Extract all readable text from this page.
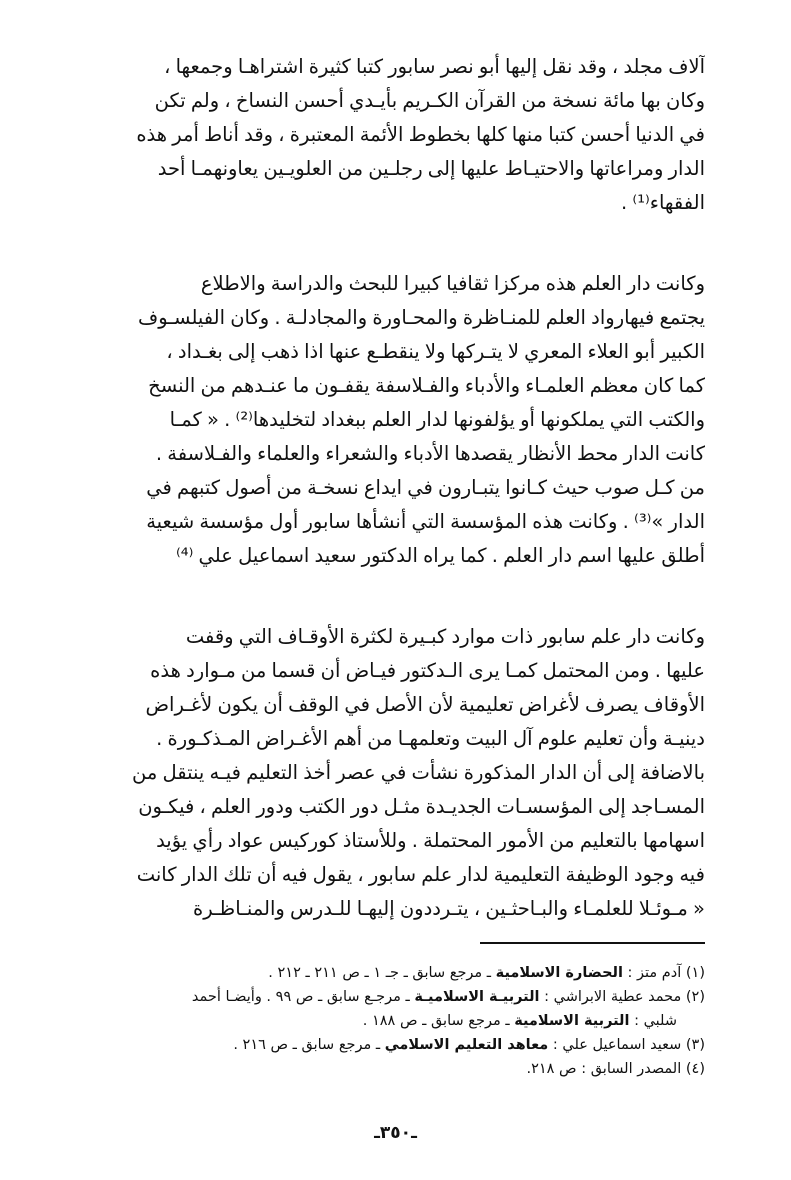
آلاف مجلد ، وقد نقل إليها أبو نصر سابور كتبا كثيرة اشتراهـا وجمعها ،
وكان بها مائة نسخة من القرآن الكـريم بأيـدي أحسن النساخ ، ولم تكن
في الدنيا أحسن كتبا منها كلها بخطوط الأئمة المعتبرة ، وقد أناط أمر هذه
الدار ومراعاتها والاحتيـاط عليها إلى رجلـين من العلويـين يعاونهمـا أحد
الفقهاء⁽¹⁾ .

وكانت دار العلم هذه مركزا ثقافيا كبيرا للبحث والدراسة والاطلاع
يجتمع فيهارواد العلم للمنـاظرة والمحـاورة والمجادلـة . وكان الفيلسـوف
الكبير أبو العلاء المعري لا يتـركها ولا ينقطـع عنها اذا ذهب إلى بغـداد ،
كما كان معظم العلمـاء والأدباء والفـلاسفة يقفـون ما عنـدهم من النسخ
والكتب التي يملكونها أو يؤلفونها لدار العلم ببغداد لتخليدها⁽²⁾ . « كمـا
كانت الدار محط الأنظار يقصدها الأدباء والشعراء والعلماء والفـلاسفة .
من كـل صوب حيث كـانوا يتبـارون في ايداع نسخـة من أصول كتبهم في
الدار »⁽³⁾ . وكانت هذه المؤسسة التي أنشأها سابور أول مؤسسة شيعية
أطلق عليها اسم دار العلم . كما يراه الدكتور سعيد اسماعيل علي ⁽⁴⁾

وكانت دار علم سابور ذات موارد كبـيرة لكثرة الأوقـاف التي وقفت
عليها . ومن المحتمل كمـا يرى الـدكتور فيـاض أن قسما من مـوارد هذه
الأوقاف يصرف لأغراض تعليمية لأن الأصل في الوقف أن يكون لأغـراض
دينيـة وأن تعليم علوم آل البيت وتعلمهـا من أهم الأغـراض المـذكـورة .
بالاضافة إلى أن الدار المذكورة نشأت في عصر أخذ التعليم فيـه ينتقل من
المسـاجد إلى المؤسسـات الجديـدة مثـل دور الكتب ودور العلم ، فيكـون
اسهامها بالتعليم من الأمور المحتملة . وللأستاذ كوركيس عواد رأي يؤيد
فيه وجود الوظيفة التعليمية لدار علم سابور ، يقول فيه أن تلك الدار كانت
« مـوئـلا للعلمـاء والبـاحثـين ، يتـرددون إليهـا للـدرس والمنـاظـرة

(١) آدم متز : الحضارة الاسلامية ـ مرجع سابق ـ جـ ١ ـ ص ٢١١ ـ ٢١٢ .
(٢) محمد عطية الابراشي : التربيـة الاسلاميـة ـ مرجـع سابق ـ ص ٩٩ . وأيضـا أحمد
شلبي : التربية الاسلامية ـ مرجع سابق ـ ص ١٨٨ .
(٣) سعيد اسماعيل علي : معاهد التعليم الاسلامي ـ مرجع سابق ـ ص ٢١٦ .
(٤) المصدر السابق : ص ٢١٨.
ـ٣٥٠ـ
